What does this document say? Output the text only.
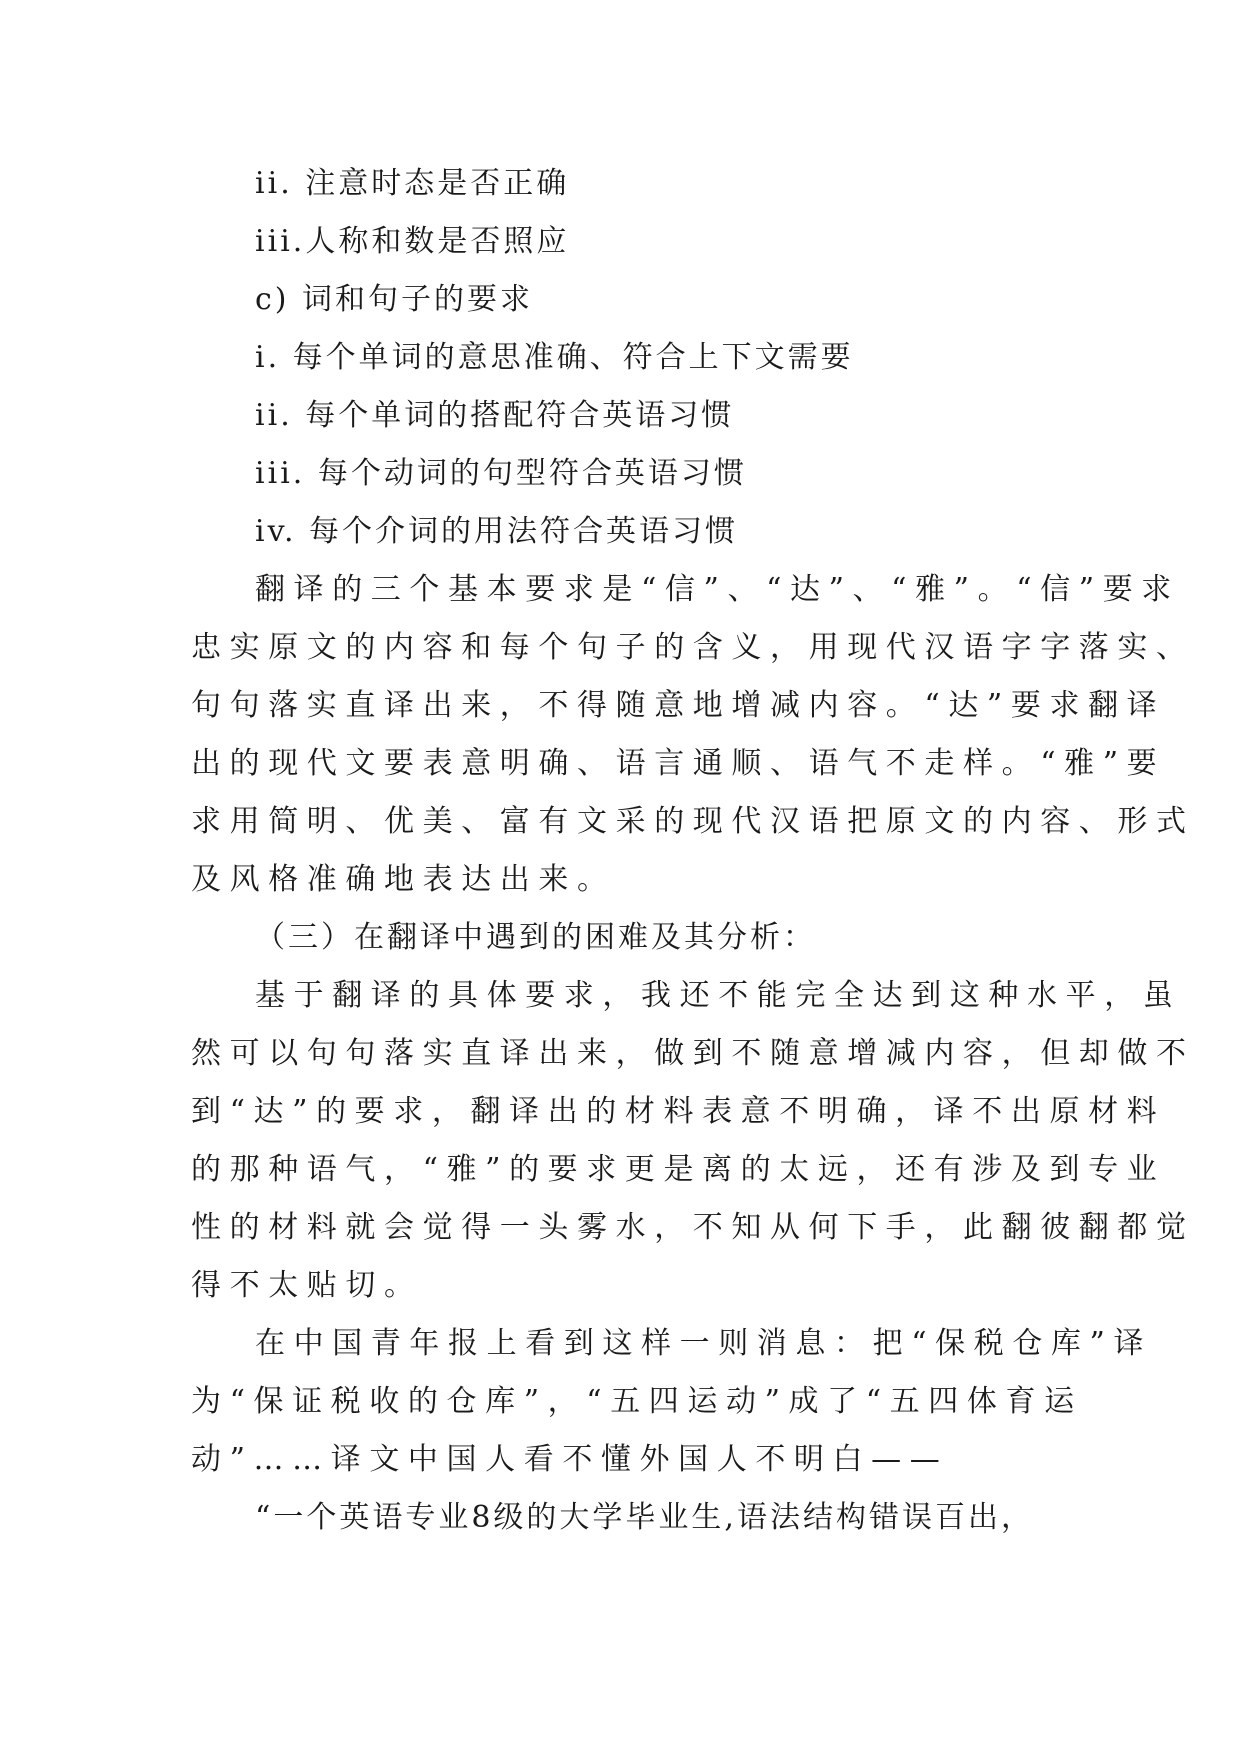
ii. 注意时态是否正确
iii.人称和数是否照应
c) 词和句子的要求
i. 每个单词的意思准确、符合上下文需要
ii. 每个单词的搭配符合英语习惯
iii. 每个动词的句型符合英语习惯
iv. 每个介词的用法符合英语习惯
翻译的三个基本要求是“信”、“达”、“雅”。“信”要求
忠实原文的内容和每个句子的含义，用现代汉语字字落实、
句句落实直译出来，不得随意地增减内容。“达”要求翻译
出的现代文要表意明确、语言通顺、语气不走样。“雅”要
求用简明、优美、富有文采的现代汉语把原文的内容、形式
及风格准确地表达出来。
（三）在翻译中遇到的困难及其分析：
基于翻译的具体要求，我还不能完全达到这种水平，虽
然可以句句落实直译出来，做到不随意增减内容，但却做不
到“达”的要求，翻译出的材料表意不明确，译不出原材料
的那种语气，“雅”的要求更是离的太远，还有涉及到专业
性的材料就会觉得一头雾水，不知从何下手，此翻彼翻都觉
得不太贴切。
在中国青年报上看到这样一则消息：把“保税仓库”译
为“保证税收的仓库”，“五四运动”成了“五四体育运
动”……译文中国人看不懂外国人不明白——
“一个英语专业8级的大学毕业生,语法结构错误百出，
